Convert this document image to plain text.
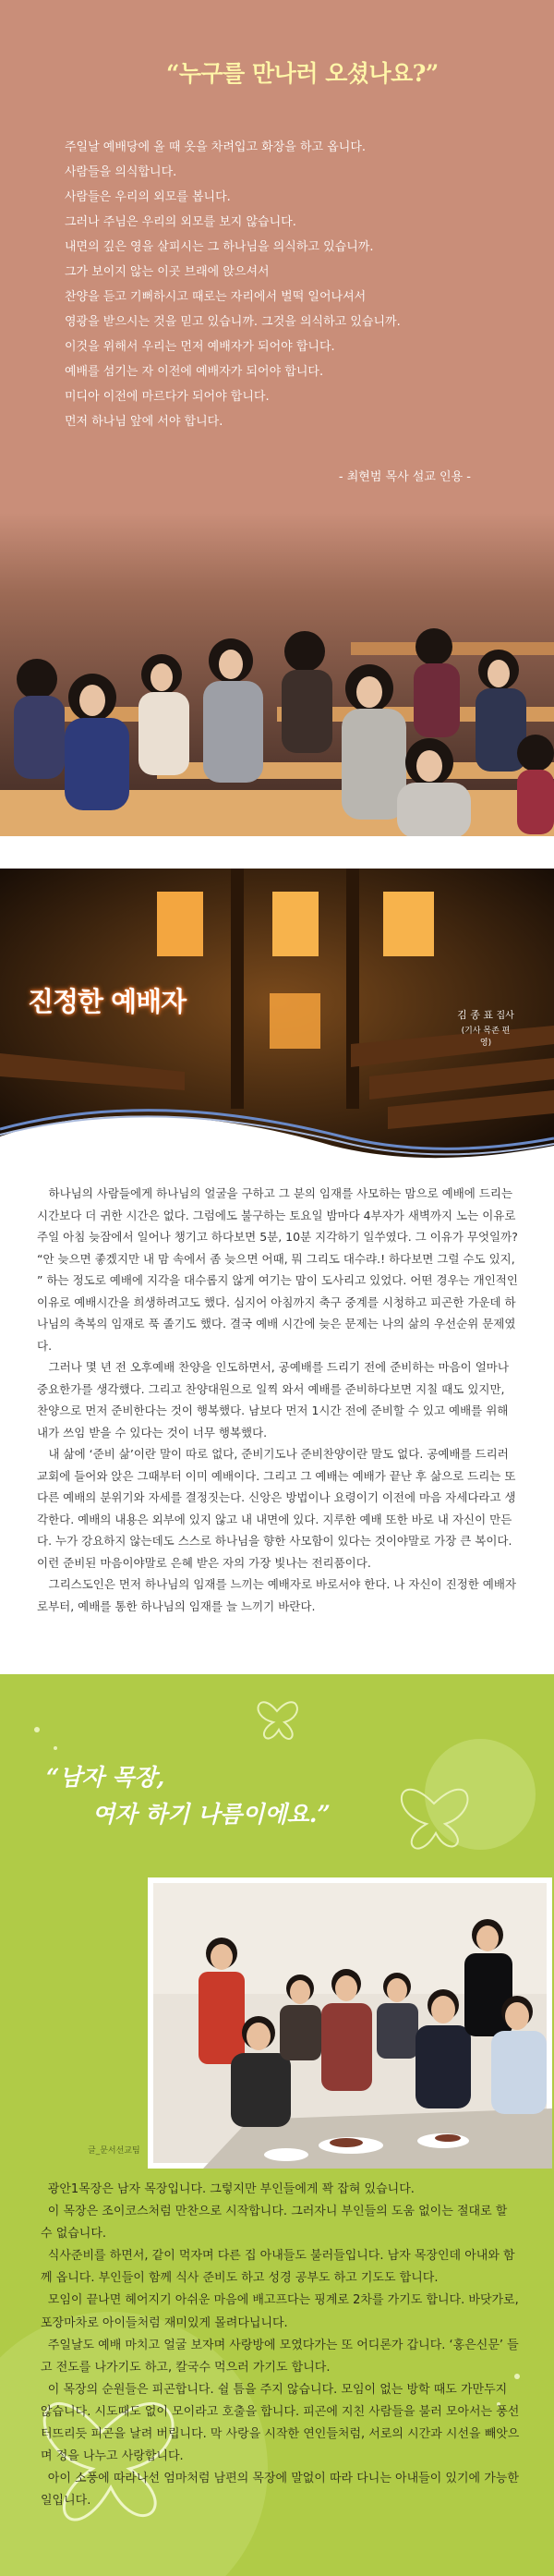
“누구를 만나러 오셨나요?”

주일날 예배당에 올 때 옷을 차려입고 화장을 하고 옵니다.

사람들을 의식합니다.

사람들은 우리의 외모를 봅니다.

그러나 주님은 우리의 외모를 보지 않습니다.

내면의 깊은 영을 살피시는 그 하나님을 의식하고 있습니까.

그가 보이지 않는 이곳 브래에 앉으셔서

찬양을 듣고 기뻐하시고 때로는 자리에서 벌떡 일어나셔서

영광을 받으시는 것을 믿고 있습니까. 그것을 의식하고 있습니까.

이것을 위해서 우리는 먼저 예배자가 되어야 합니다.

예배를 섬기는 자 이전에 예배자가 되어야 합니다.

미디아 이전에 마르다가 되어야 합니다.

먼저 하나님 앞에 서야 합니다.

- 최현범 목사 설교 인용 -
진정한 예배자	김 종 표 집사
(기사 목존 편영)

하나님의 사람들에게 하나님의 얼굴을 구하고 그 분의 임재를 사모하는 맘으로 예배에 드리는 시간보다 더 귀한 시간은 없다. 그럼에도 불구하는 토요일 밤마다 4부자가 새벽까지 노는 이유로 주일 아침 늦잠에서 일어나 챙기고 하다보면 5분, 10분 지각하기 일쑤였다. 그 이유가 무엇일까? “안 늦으면 좋겠지만 내 맘 속에서 좀 늦으면 어때, 뭐 그리도 대수랴.! 하다보면 그럴 수도 있지, ” 하는 정도로 예배에 지각을 대수롭지 않게 여기는 맘이 도사리고 있었다. 어떤 경우는 개인적인 이유로 예배시간을 희생하려고도 했다. 심지어 아침까지 축구 중계를 시청하고 피곤한 가운데 하나님의 축복의 임재로 푹 졸기도 했다. 결국 예배 시간에 늦은 문제는 나의 삶의 우선순위 문제였다.

그러나 몇 년 전 오후예배 찬양을 인도하면서, 공예배를 드리기 전에 준비하는 마음이 얼마나 중요한가를 생각했다. 그리고 찬양대원으로 일찍 와서 예배를 준비하다보면 지칠 때도 있지만, 찬양으로 먼저 준비한다는 것이 행복했다. 남보다 먼저 1시간 전에 준비할 수 있고 예배를 위해 내가 쓰임 받을 수 있다는 것이 너무 행복했다.

내 삶에 ‘준비 삶’이란 말이 따로 없다, 준비기도나 준비찬양이란 말도 없다. 공예배를 드리러 교회에 들어와 앉은 그때부터 이미 예배이다. 그리고 그 예배는 예배가 끝난 후 삶으로 드리는 또 다른 예배의 분위기와 자세를 결정짓는다. 신앙은 방법이나 요령이기 이전에 마음 자세다라고 생각한다. 예배의 내용은 외부에 있지 않고 내 내면에 있다. 지루한 예배 또한 바로 내 자신이 만든다. 누가 강요하지 않는데도 스스로 하나님을 향한 사모함이 있다는 것이야말로 가장 큰 복이다. 이런 준비된 마음이야말로 은혜 받은 자의 가장 빛나는 전리품이다.

그리스도인은 먼저 하나님의 임재를 느끼는 예배자로 바로서야 한다. 나 자신이 진정한 예배자로부터, 예배를 통한 하나님의 임재를 늘 느끼기 바란다.

“남자 목장,
여자 하기 나름이에요.”
글_문서선교팀

광안1목장은 남자 목장입니다. 그렇지만 부인들에게 꽉 잡혀 있습니다.

이 목장은 조이코스처럼 만찬으로 시작합니다. 그러자니 부인들의 도움 없이는 절대로 할 수 없습니다.

식사준비를 하면서, 같이 먹자며 다른 집 아내들도 불러들입니다. 남자 목장인데 아내와 함께 옵니다. 부인들이 함께 식사 준비도 하고 성경 공부도 하고 기도도 합니다.

모임이 끝나면 헤어지기 아쉬운 마음에 배고프다는 핑계로 2차를 가기도 합니다. 바닷가로, 포장마차로 아이들처럼 재미있게 몰려다닙니다.

주일날도 예배 마치고 얼굴 보자며 사랑방에 모였다가는 또 어디론가 갑니다. ‘홍은신문’ 들고 전도를 나가기도 하고, 칼국수 먹으러 가기도 합니다.

이 목장의 순원들은 피곤합니다. 쉴 틈을 주지 않습니다. 모임이 없는 방학 때도 가만두지 않습니다. 시도때도 없이 모이라고 호출을 합니다. 피곤에 지친 사람들을 불러 모아서는 풍선 터뜨리듯 피곤을 날려 버립니다. 막 사랑을 시작한 연인들처럼, 서로의 시간과 시선을 빼앗으며 정을 나누고 사랑합니다.

아이 소풍에 따라나선 엄마처럼 남편의 목장에 말없이 따라 다니는 아내들이 있기에 가능한 일입니다.
